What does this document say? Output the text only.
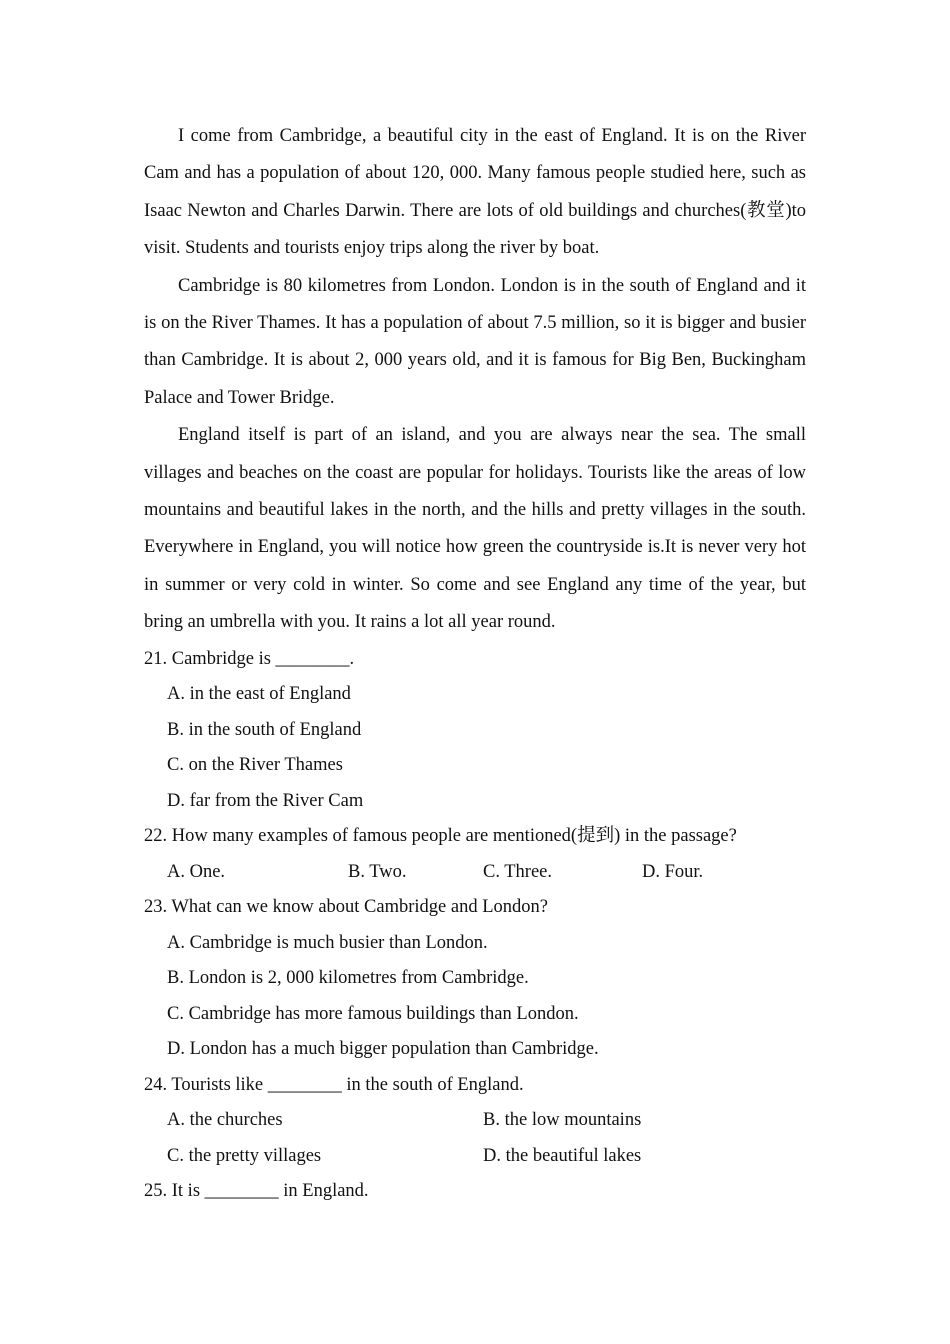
I come from Cambridge, a beautiful city in the east of England. It is on the River Cam and has a population of about 120, 000. Many famous people studied here, such as Isaac Newton and Charles Darwin. There are lots of old buildings and churches(教堂)to visit. Students and tourists enjoy trips along the river by boat.

Cambridge is 80 kilometres from London. London is in the south of England and it is on the River Thames. It has a population of about 7.5 million, so it is bigger and busier than Cambridge. It is about 2, 000 years old, and it is famous for Big Ben, Buckingham Palace and Tower Bridge.

England itself is part of an island, and you are always near the sea. The small villages and beaches on the coast are popular for holidays. Tourists like the areas of low mountains and beautiful lakes in the north, and the hills and pretty villages in the south. Everywhere in England, you will notice how green the countryside is.It is never very hot in summer or very cold in winter. So come and see England any time of the year, but bring an umbrella with you. It rains a lot all year round.

21. Cambridge is ________.

A. in the east of England

B. in the south of England

C. on the River Thames

D. far from the River Cam

22. How many examples of famous people are mentioned(提到) in the passage?

A. One.	B. Two.	C. Three.	D. Four.

23. What can we know about Cambridge and London?

A. Cambridge is much busier than London.

B. London is 2, 000 kilometres from Cambridge.

C. Cambridge has more famous buildings than London.

D. London has a much bigger population than Cambridge.

24. Tourists like ________ in the south of England.

A. the churches	B. the low mountains
C. the pretty villages	D. the beautiful lakes

25. It is ________ in England.
